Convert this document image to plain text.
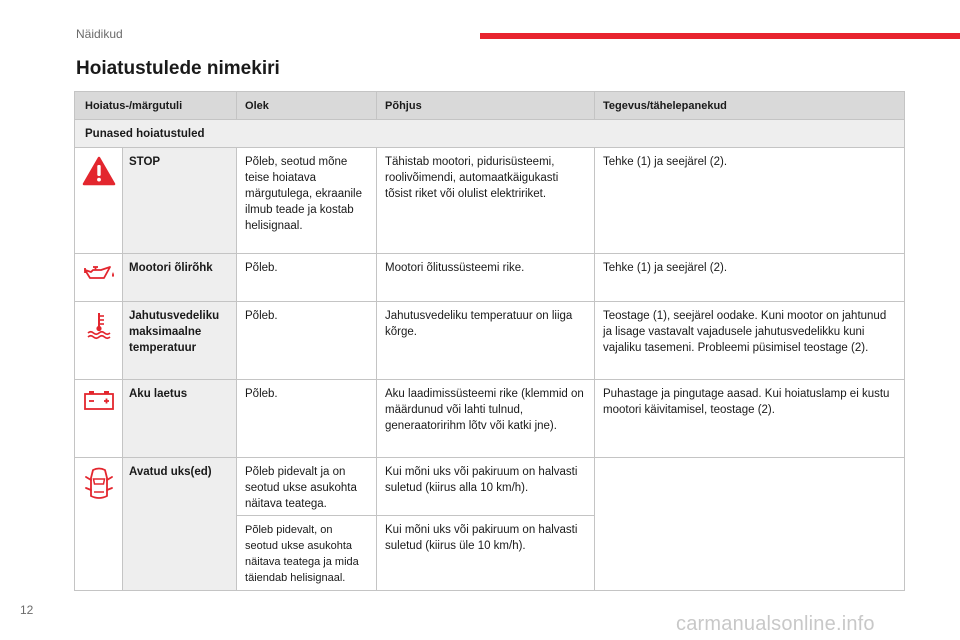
Näidikud
Hoiatustulede nimekiri
Hoiatus-/märgutuli		Olek	Põhjus	Tegevus/tähelepanekud
Punased hoiatustuled				

	STOP	Põleb, seotud mõne teise hoiatava märgutulega, ekraanile ilmub teade ja kostab helisignaal.	Tähistab mootori, pidurisüsteemi, roolivõimendi, automaatkäigukasti tõsist riket või olulist elektririket.	Tehke (1) ja seejärel (2).

	Mootori õlirõhk	Põleb.	Mootori õlitussüsteemi rike.	Tehke (1) ja seejärel (2).

	Jahutusvedeliku maksimaalne temperatuur	Põleb.	Jahutusvedeliku temperatuur on liiga kõrge.	Teostage (1), seejärel oodake. Kuni mootor on jahtunud ja lisage vastavalt vajadusele jahutusvedelikku kuni vajaliku tasemeni. Probleemi püsimisel teostage (2).

	Aku laetus	Põleb.	Aku laadimissüsteemi rike (klemmid on määrdunud või lahti tulnud, generaatoririhm lõtv või katki jne).	Puhastage ja pingutage aasad. Kui hoiatuslamp ei kustu mootori käivitamisel, teostage (2).

	Avatud uks(ed)	Põleb pidevalt ja on seotud ukse asukohta näitava teatega.	Kui mõni uks või pakiruum on halvasti suletud (kiirus alla 10 km/h).	
		Põleb pidevalt, on seotud ukse asukohta näitava teatega ja mida täiendab helisignaal.	Kui mõni uks või pakiruum on halvasti suletud (kiirus üle 10 km/h).	
12
carmanualsonline.info
